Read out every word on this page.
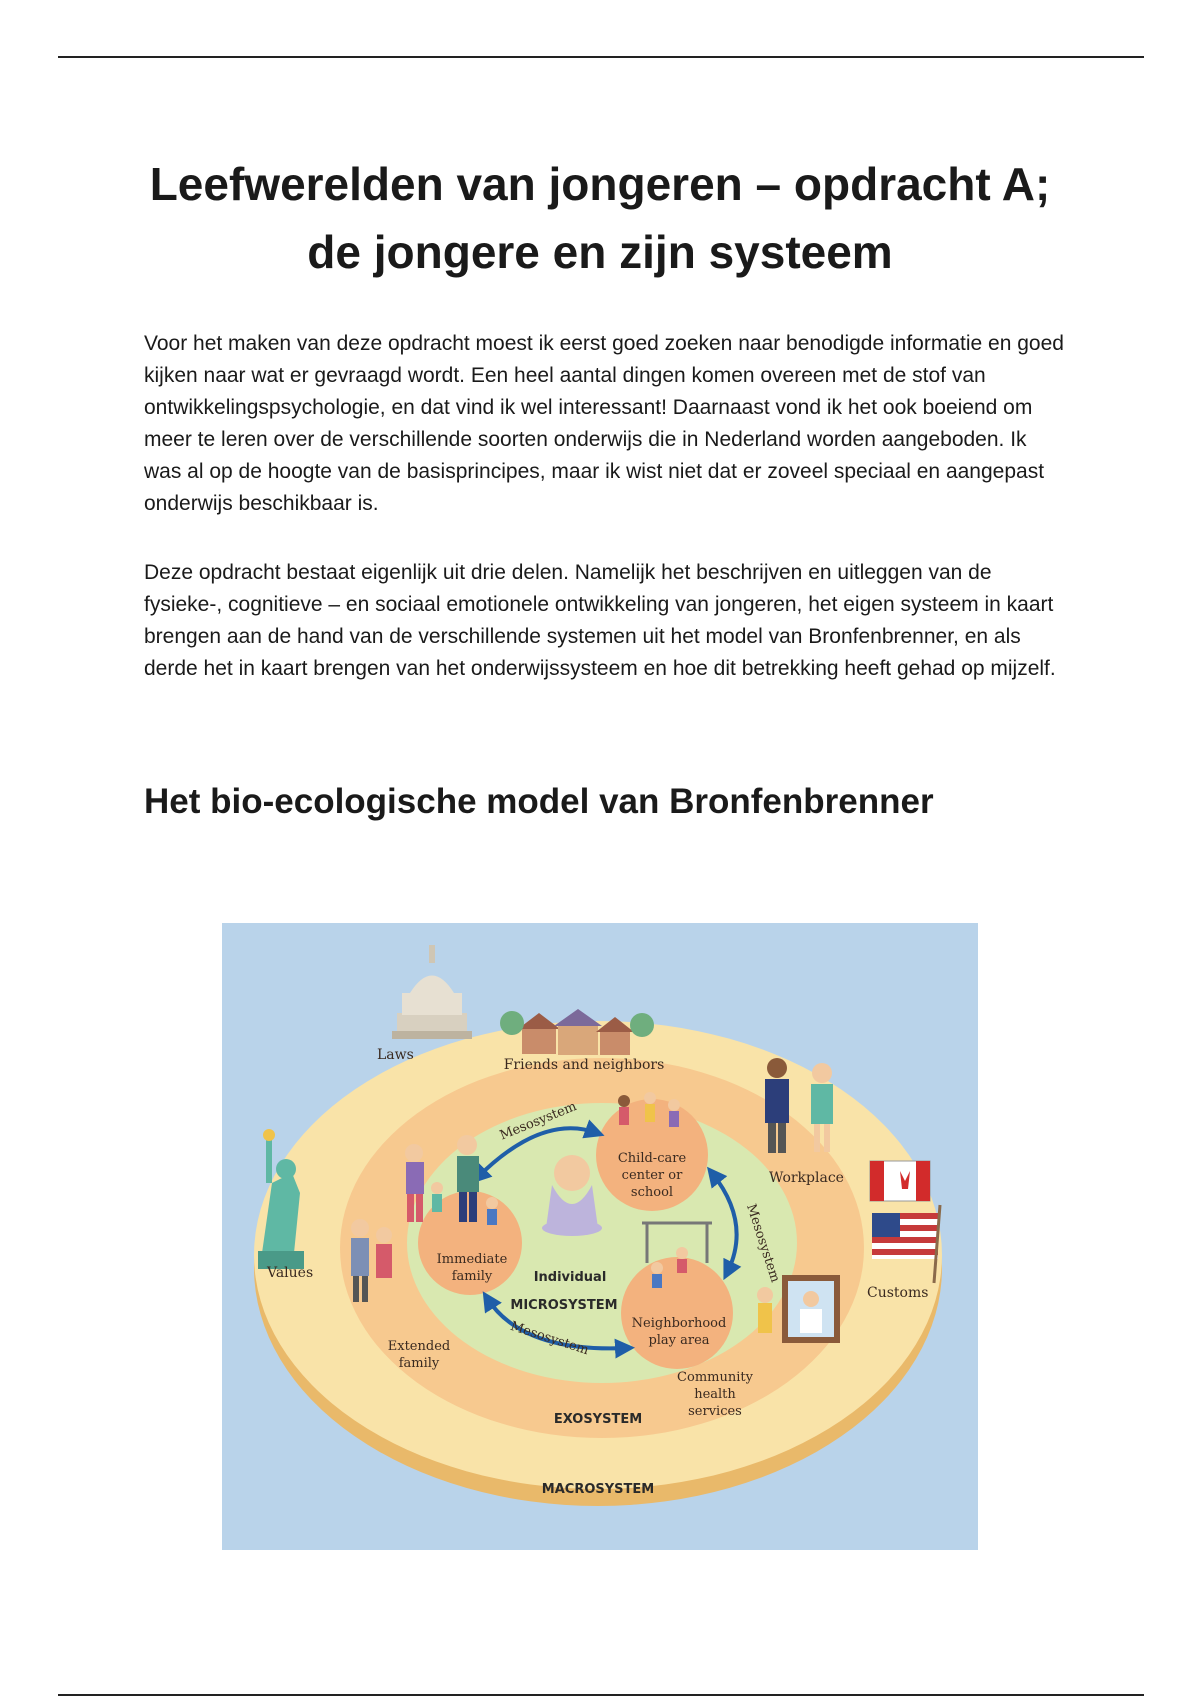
Leefwerelden van jongeren – opdracht A;
de jongere en zijn systeem

Voor het maken van deze opdracht moest ik eerst goed zoeken naar benodigde informatie en goed kijken naar wat er gevraagd wordt. Een heel aantal dingen komen overeen met de stof van ontwikkelingspsychologie, en dat vind ik wel interessant! Daarnaast vond ik het ook boeiend om meer te leren over de verschillende soorten onderwijs die in Nederland worden aangeboden. Ik was al op de hoogte van de basisprincipes, maar ik wist niet dat er zoveel speciaal en aangepast onderwijs beschikbaar is.

Deze opdracht bestaat eigenlijk uit drie delen. Namelijk het beschrijven en uitleggen van de fysieke-, cognitieve – en sociaal emotionele ontwikkeling van jongeren, het eigen systeem in kaart brengen aan de hand van de verschillende systemen uit het model van Bronfenbrenner, en als derde het in kaart brengen van het onderwijssysteem en hoe dit betrekking heeft gehad op mijzelf.

Het bio-ecologische model van Bronfenbrenner
Laws
Friends and neighbors
Mesosystem
Mesosystem
Mesosystem
Child-care
center or
school
Workplace
Values
Immediate
family	Individual
MICROSYSTEM
Neighborhood
play area
Customs
Extended
family
Community
health
services
EXOSYSTEM
MACROSYSTEM
